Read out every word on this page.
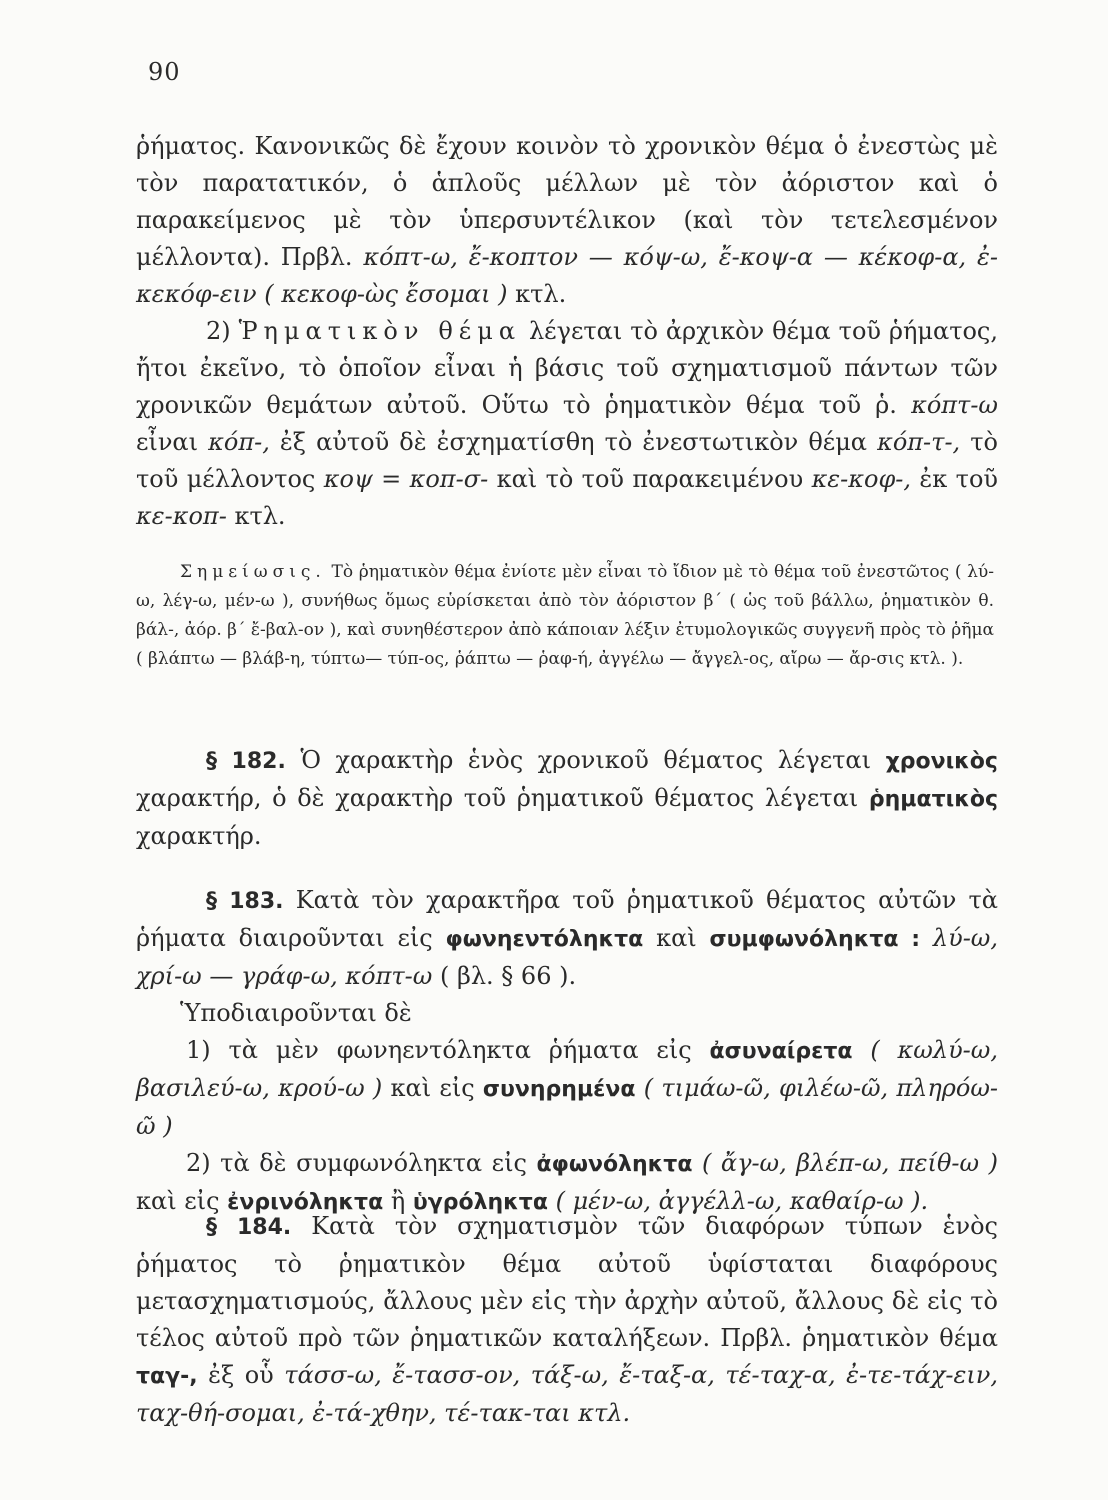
90

ῥήματος. Κανονικῶς δὲ ἔχουν κοινὸν τὸ χρονικὸν θέμα ὁ ἐνεστὼς μὲ τὸν παρατατικόν, ὁ ἁπλοῦς μέλλων μὲ τὸν ἀόριστον καὶ ὁ παρακείμενος μὲ τὸν ὑπερσυντέλικον (καὶ τὸν τετελεσμένον μέλλοντα). Πρβλ. κόπτ-ω, ἔ-κοπτον — κόψ-ω, ἔ-κοψ-α — κέκοφ-α, ἐ-κεκόφ-ειν ( κεκοφ-ὼς ἔσομαι ) κτλ.

2) Ῥηματικὸν θέμα λέγεται τὸ ἀρχικὸν θέμα τοῦ ῥήματος, ἤτοι ἐκεῖνο, τὸ ὁποῖον εἶναι ἡ βάσις τοῦ σχηματισμοῦ πάντων τῶν χρονικῶν θεμάτων αὐτοῦ. Οὕτω τὸ ῥηματικὸν θέμα τοῦ ῥ. κόπτ-ω εἶναι κόπ-, ἐξ αὐτοῦ δὲ ἐσχηματίσθη τὸ ἐνεστωτικὸν θέμα κόπ-τ-, τὸ τοῦ μέλλοντος κοψ = κοπ-σ- καὶ τὸ τοῦ παρακειμένου κε-κοφ-, ἐκ τοῦ κε-κοπ- κτλ.

Σημείωσις. Τὸ ῥηματικὸν θέμα ἐνίοτε μὲν εἶναι τὸ ἴδιον μὲ τὸ θέμα τοῦ ἐνεστῶτος ( λύ-ω, λέγ-ω, μέν-ω ), συνήθως ὅμως εὑρίσκεται ἀπὸ τὸν ἀόριστον β΄ ( ὡς τοῦ βάλλω, ῥηματικὸν θ. βάλ-, ἀόρ. β΄ ἔ-βαλ-ον ), καὶ συνηθέστερον ἀπὸ κάποιαν λέξιν ἐτυμολογικῶς συγγενῆ πρὸς τὸ ῥῆμα ( βλάπτω — βλάβ-η, τύπτω— τύπ-ος, ῥάπτω — ῥαφ-ή, ἀγγέλω — ἄγγελ-ος, αἴρω — ἄρ-σις κτλ. ).

§ 182. Ὁ χαρακτὴρ ἑνὸς χρονικοῦ θέματος λέγεται χρονικὸς χαρακτήρ, ὁ δὲ χαρακτὴρ τοῦ ῥηματικοῦ θέματος λέγεται ῥηματικὸς χαρακτήρ.

§ 183. Κατὰ τὸν χαρακτῆρα τοῦ ῥηματικοῦ θέματος αὐτῶν τὰ ῥήματα διαιροῦνται εἰς φωνηεντόληκτα καὶ συμφωνόληκτα : λύ-ω, χρί-ω — γράφ-ω, κόπτ-ω ( βλ. § 66 ).

Ὑποδιαιροῦνται δὲ

1) τὰ μὲν φωνηεντόληκτα ῥήματα εἰς ἀσυναίρετα ( κωλύ-ω, βασιλεύ-ω, κρού-ω ) καὶ εἰς συνηρημένα ( τιμάω-ῶ, φιλέω-ῶ, πληρόω-ῶ )

2) τὰ δὲ συμφωνόληκτα εἰς ἀφωνόληκτα ( ἄγ-ω, βλέπ-ω, πείθ-ω ) καὶ εἰς ἐνρινόληκτα ἢ ὑγρόληκτα ( μέν-ω, ἀγγέλλ-ω, καθαίρ-ω ).

§ 184. Κατὰ τὸν σχηματισμὸν τῶν διαφόρων τύπων ἑνὸς ῥήματος τὸ ῥηματικὸν θέμα αὐτοῦ ὑφίσταται διαφόρους μετασχηματισμούς, ἄλλους μὲν εἰς τὴν ἀρχὴν αὐτοῦ, ἄλλους δὲ εἰς τὸ τέλος αὐτοῦ πρὸ τῶν ῥηματικῶν καταλήξεων. Πρβλ. ῥηματικὸν θέμα ταγ-, ἐξ οὗ τάσσ-ω, ἔ-τασσ-ον, τάξ-ω, ἔ-ταξ-α, τέ-ταχ-α, ἐ-τε-τάχ-ειν, ταχ-θή-σομαι, ἐ-τά-χθην, τέ-τακ-ται κτλ.
